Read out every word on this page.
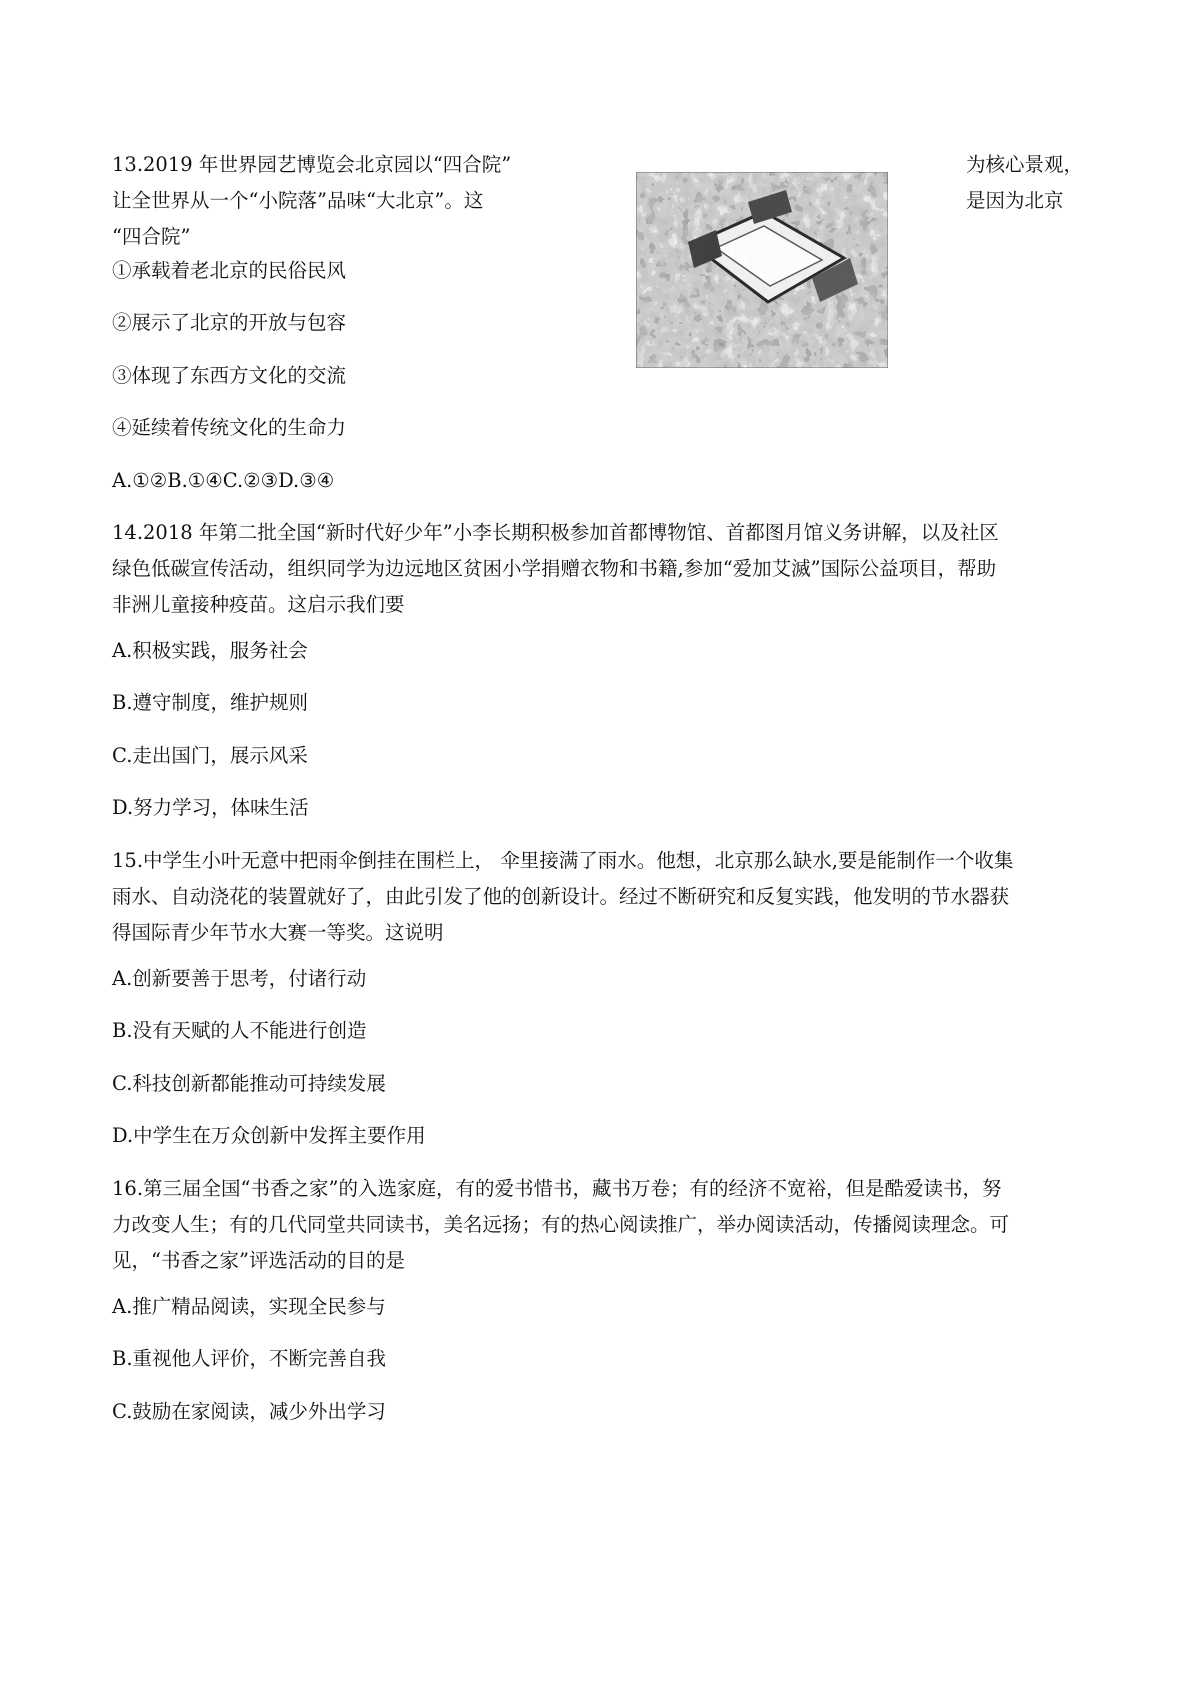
13.2019 年世界园艺博览会北京园以“四合院”	为核心景观，
让全世界从一个“小院落”品味“大北京”。这	是因为北京
“四合院”
①承载着老北京的民俗民风
②展示了北京的开放与包容
③体现了东西方文化的交流
④延续着传统文化的生命力
A.①②B.①④C.②③D.③④
14.2018 年第二批全国“新时代好少年”小李长期积极参加首都博物馆、首都图月馆义务讲解，以及社区
绿色低碳宣传活动，组织同学为边远地区贫困小学捐赠衣物和书籍,参加“爱加艾滅”国际公益项目，帮助
非洲儿童接种疫苗。这启示我们要
A.积极实践，服务社会
B.遵守制度，维护规则
C.走出国门，展示风采
D.努力学习，体味生活
15.中学生小叶无意中把雨伞倒挂在围栏上， 伞里接满了雨水。他想，北京那么缺水,要是能制作一个收集
雨水、自动浇花的装置就好了，由此引发了他的创新设计。经过不断研究和反复实践，他发明的节水器获
得国际青少年节水大赛一等奖。这说明
A.创新要善于思考，付诸行动
B.没有天赋的人不能进行创造
C.科技创新都能推动可持续发展
D.中学生在万众创新中发挥主要作用
16.第三届全国“书香之家”的入选家庭，有的爱书惜书，藏书万卷；有的经济不宽裕，但是酷爱读书，努
力改变人生；有的几代同堂共同读书，美名远扬；有的热心阅读推广，举办阅读活动，传播阅读理念。可
见，“书香之家”评选活动的目的是
A.推广精品阅读，实现全民参与
B.重视他人评价，不断完善自我
C.鼓励在家阅读，减少外出学习
